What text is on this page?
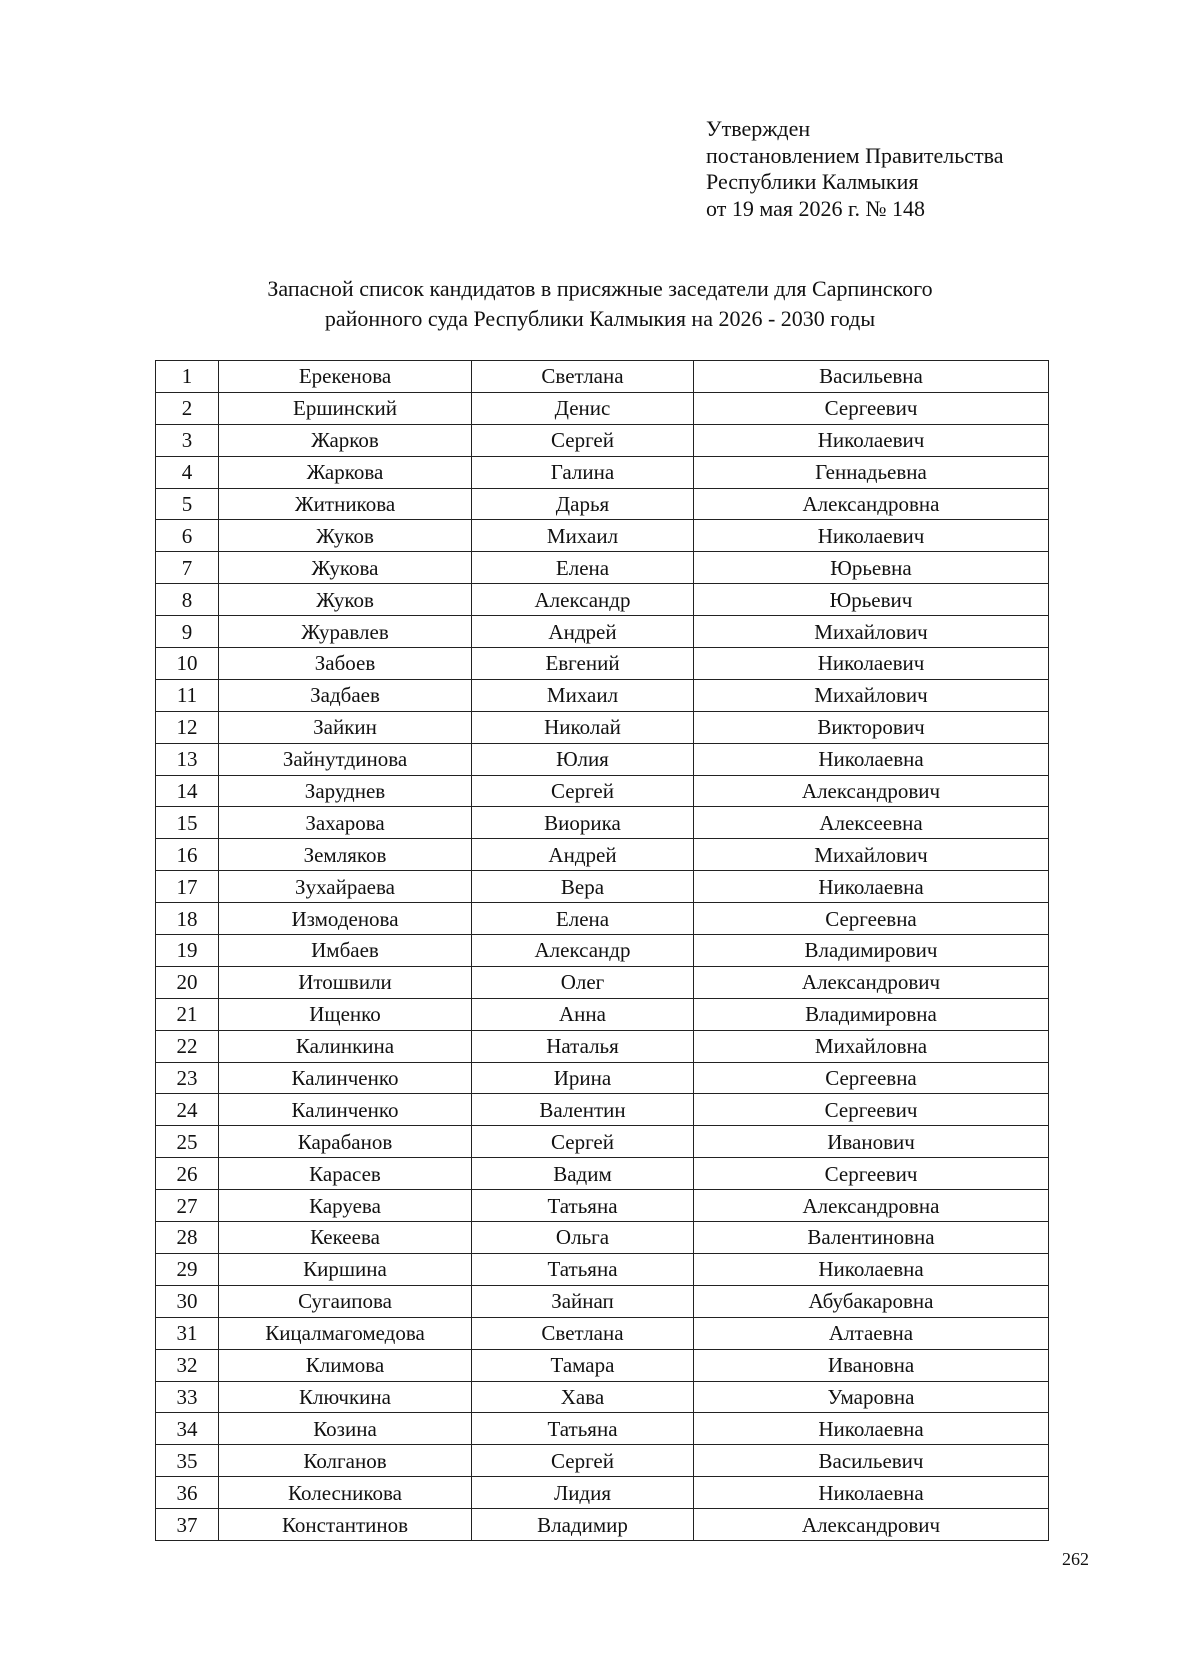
Утвержден
постановлением Правительства
Республики Калмыкия
от 19 мая 2026 г. № 148
Запасной список кандидатов в присяжные заседатели для Сарпинского
районного суда Республики Калмыкия на 2026 - 2030 годы
1	Ерекенова	Светлана	Васильевна
2	Ершинский	Денис	Сергеевич
3	Жарков	Сергей	Николаевич
4	Жаркова	Галина	Геннадьевна
5	Житникова	Дарья	Александровна
6	Жуков	Михаил	Николаевич
7	Жукова	Елена	Юрьевна
8	Жуков	Александр	Юрьевич
9	Журавлев	Андрей	Михайлович
10	Забоев	Евгений	Николаевич
11	Задбаев	Михаил	Михайлович
12	Зайкин	Николай	Викторович
13	Зайнутдинова	Юлия	Николаевна
14	Заруднев	Сергей	Александрович
15	Захарова	Виорика	Алексеевна
16	Земляков	Андрей	Михайлович
17	Зухайраева	Вера	Николаевна
18	Измоденова	Елена	Сергеевна
19	Имбаев	Александр	Владимирович
20	Итошвили	Олег	Александрович
21	Ищенко	Анна	Владимировна
22	Калинкина	Наталья	Михайловна
23	Калинченко	Ирина	Сергеевна
24	Калинченко	Валентин	Сергеевич
25	Карабанов	Сергей	Иванович
26	Карасев	Вадим	Сергеевич
27	Каруева	Татьяна	Александровна
28	Кекеева	Ольга	Валентиновна
29	Киршина	Татьяна	Николаевна
30	Сугаипова	Зайнап	Абубакаровна
31	Кицалмагомедова	Светлана	Алтаевна
32	Климова	Тамара	Ивановна
33	Ключкина	Хава	Умаровна
34	Козина	Татьяна	Николаевна
35	Колганов	Сергей	Васильевич
36	Колесникова	Лидия	Николаевна
37	Константинов	Владимир	Александрович
262
